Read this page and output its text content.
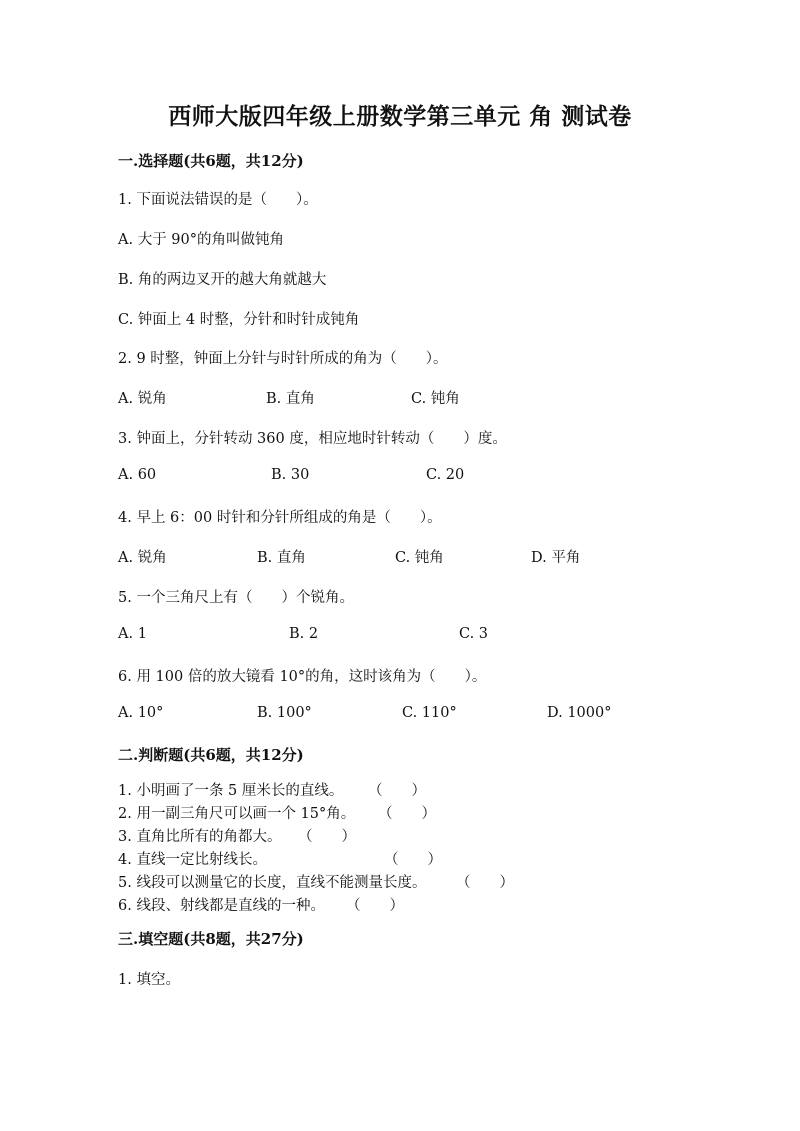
西师大版四年级上册数学第三单元 角 测试卷
一.选择题(共6题，共12分)
1. 下面说法错误的是（　　）。
A. 大于 90°的角叫做钝角
B. 角的两边叉开的越大角就越大
C. 钟面上 4 时整，分针和时针成钝角
2. 9 时整，钟面上分针与时针所成的角为（　　）。
A. 锐角	B. 直角	C. 钝角
3. 钟面上，分针转动 360 度，相应地时针转动（　　）度。
A. 60	B. 30	C. 20
4. 早上 6：00 时针和分针所组成的角是（　　）。
A. 锐角	B. 直角	C. 钝角	D. 平角
5. 一个三角尺上有（　　）个锐角。
A. 1	B. 2	C. 3
6. 用 100 倍的放大镜看 10°的角，这时该角为（　　）。
A. 10°	B. 100°	C. 110°	D. 1000°
二.判断题(共6题，共12分)
1. 小明画了一条 5 厘米长的直线。 （　　）
2. 用一副三角尺可以画一个 15°角。 （　　）
3. 直角比所有的角都大。 （　　）
4. 直线一定比射线长。	（　　）
5. 线段可以测量它的长度，直线不能测量长度。 （　　）
6. 线段、射线都是直线的一种。 （　　）
三.填空题(共8题，共27分)
1. 填空。
